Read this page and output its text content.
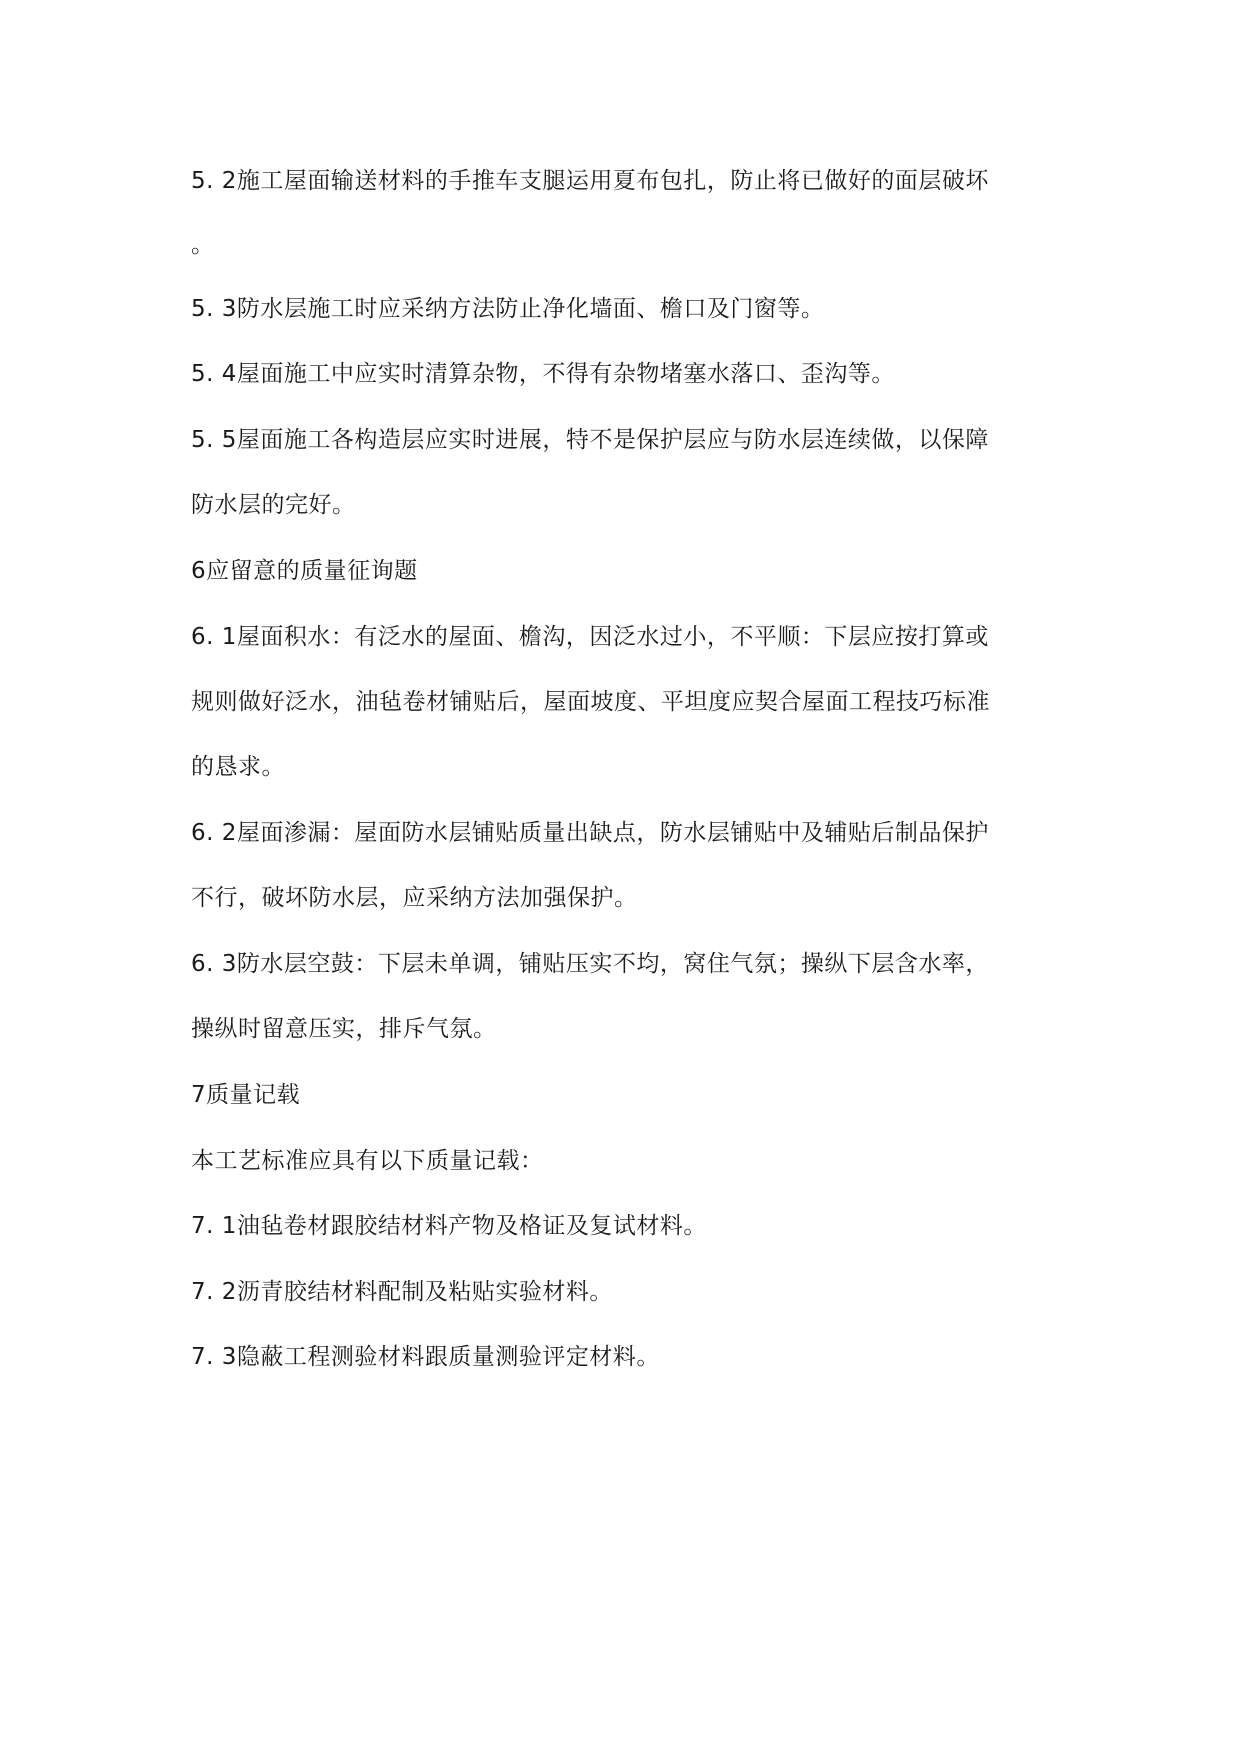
5. 2施工屋面输送材料的手推车支腿运用夏布包扎，防止将已做好的面层破坏
。
5. 3防水层施工时应采纳方法防止净化墙面、檐口及门窗等。
5. 4屋面施工中应实时清算杂物，不得有杂物堵塞水落口、歪沟等。
5. 5屋面施工各构造层应实时进展，特不是保护层应与防水层连续做，以保障
防水层的完好。
6应留意的质量征询题
6. 1屋面积水：有泛水的屋面、檐沟，因泛水过小，不平顺：下层应按打算或
规则做好泛水，油毡卷材铺贴后，屋面坡度、平坦度应契合屋面工程技巧标准
的恳求。
6. 2屋面渗漏：屋面防水层铺贴质量出缺点，防水层铺贴中及辅贴后制品保护
不行，破坏防水层，应采纳方法加强保护。
6. 3防水层空鼓：下层未单调，铺贴压实不均，窝住气氛；操纵下层含水率，
操纵时留意压实，排斥气氛。
7质量记载
本工艺标准应具有以下质量记载：
7. 1油毡卷材跟胶结材料产物及格证及复试材料。
7. 2沥青胶结材料配制及粘贴实验材料。
7. 3隐蔽工程测验材料跟质量测验评定材料。
